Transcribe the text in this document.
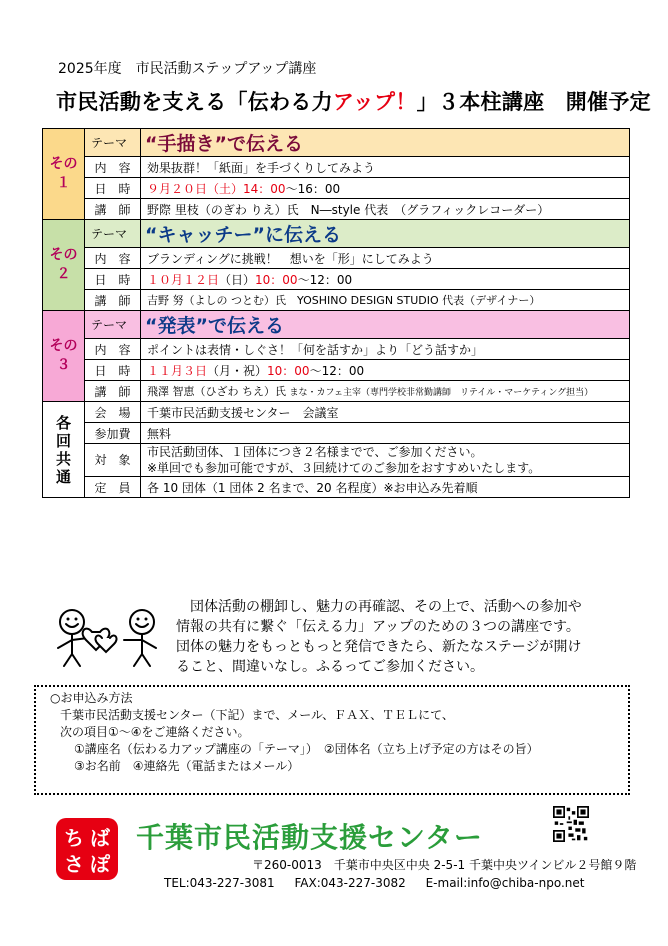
2025年度　市民活動ステップアップ講座
市民活動を支える「伝わる力アップ！」３本柱講座　開催予定
その
１	テーマ	“手描き”で伝える
	内　容	効果抜群！「紙面」を手づくりしてみよう
	日　時	９月２０日（土）14：00～16：00
	講　師	野際 里枝（のぎわ りえ）氏　N―style 代表　（グラフィックレコーダー）
その
２	テーマ	“キャッチー”に伝える
	内　容	ブランディングに挑戦！　想いを「形」にしてみよう
	日　時	１０月１２日（日）10：00～12：00
	講　師	吉野 努（よしの つとむ）氏　YOSHINO DESIGN STUDIO 代表（デザイナー）
その
３	テーマ	“発表”で伝える
	内　容	ポイントは表情・しぐさ！「何を話すか」より「どう話すか」
	日　時	１１月３日（月・祝）10：00～12：00
	講　師	飛澤 智恵（ひざわ ちえ）氏 まな・カフェ主宰（専門学校非常勤講師　リテイル・マーケティング担当）
各
回
共
通	会　場	千葉市民活動支援センター　会議室
	参加費	無料
	対　象	市民活動団体、１団体につき２名様までで、ご参加ください。
※単回でも参加可能ですが、３回続けてのご参加をおすすめいたします。

	定　員	各 10 団体（1 団体 2 名まで、20 名程度）※お申込み先着順

　団体活動の棚卸し、魅力の再確認、その上で、活動への参加や

情報の共有に繋ぐ「伝える力」アップのための３つの講座です。

団体の魅力をもっともっと発信できたら、新たなステージが開け

ること、間違いなし。ふるってご参加ください。

○お申込み方法

千葉市民活動支援センター（下記）まで、メール、ＦＡＸ、ＴＥＬにて、

次の項目①～④をご連絡ください。

①講座名（伝わる力アップ講座の「テーマ」）　②団体名（立ち上げ予定の方はその旨）

③お名前　④連絡先（電話またはメール）

ち ば
さ ぽ
千葉市民活動支援センター
〒260-0013　千葉市中央区中央 2-5-1 千葉中央ツインビル２号館９階
TEL:043-227-3081 FAX:043-227-3082 E-mail:info@chiba-npo.net
